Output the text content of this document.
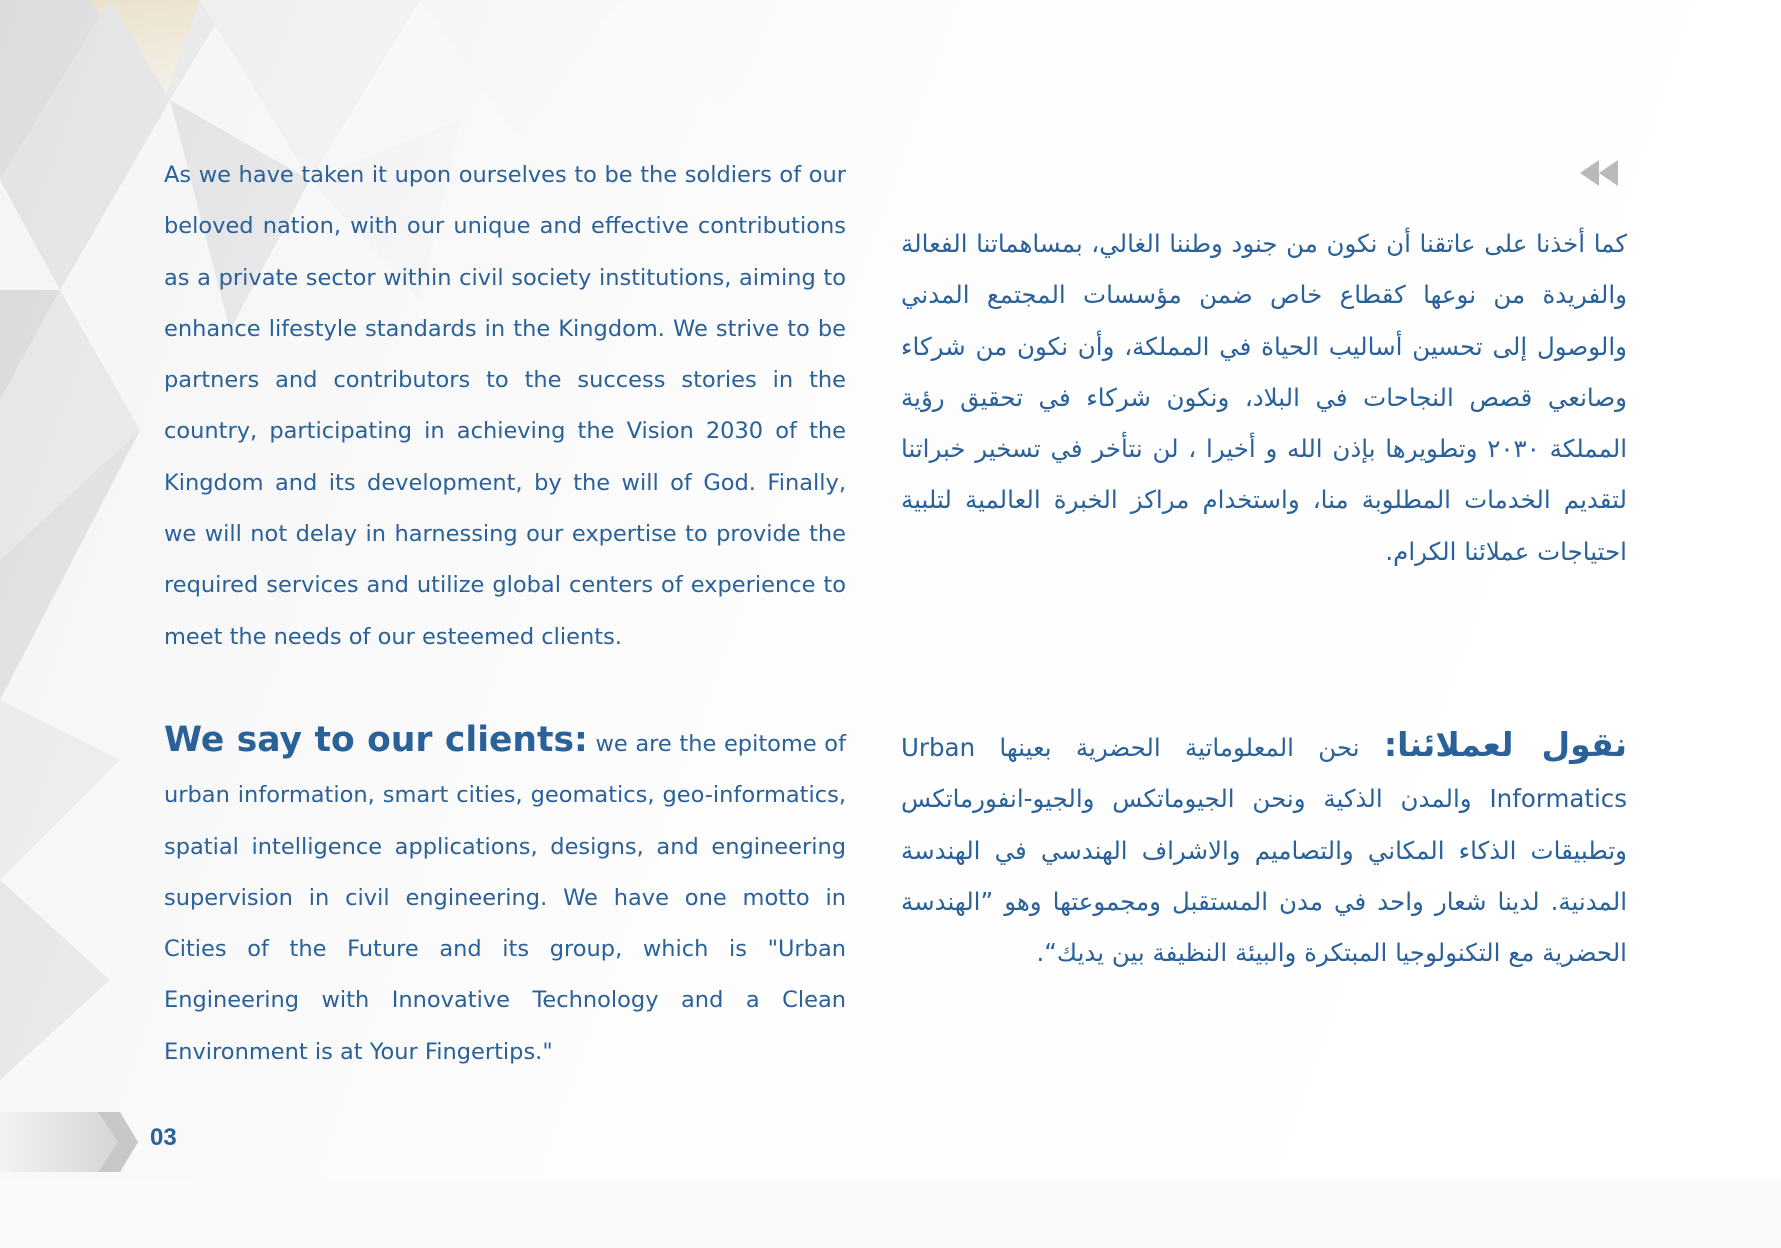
As we have taken it upon ourselves to be the soldiers of our beloved nation, with our unique and effective contributions as a private sector within civil society institutions, aiming to enhance lifestyle standards in the Kingdom. We strive to be partners and contributors to the success stories in the country, participating in achieving the Vision 2030 of the Kingdom and its development, by the will of God. Finally, we will not delay in harnessing our expertise to provide the required services and utilize global centers of experience to meet the needs of our esteemed clients.
We say to our clients: we are the epitome of urban information, smart cities, geomatics, geo-informatics, spatial intelligence applications, designs, and engineering supervision in civil engineering. We have one motto in Cities of the Future and its group, which is "Urban Engineering with Innovative Technology and a Clean Environment is at Your Fingertips."
كما أخذنا على عاتقنا أن نكون من جنود وطننا الغالي، بمساهماتنا الفعالة والفريدة من نوعها كقطاع خاص ضمن مؤسسات المجتمع المدني والوصول إلى تحسين أساليب الحياة في المملكة، وأن نكون من شركاء وصانعي قصص النجاحات في البلاد، ونكون شركاء في تحقيق رؤية المملكة ٢٠٣٠ وتطويرها بإذن الله و أخيرا ، لن نتأخر في تسخير خبراتنا لتقديم الخدمات المطلوبة منا، واستخدام مراكز الخبرة العالمية لتلبية احتياجات عملائنا الكرام.
نقول لعملائنا: نحن المعلوماتية الحضرية بعينها Urban Informatics والمدن الذكية ونحن الجيوماتكس والجيو-انفورماتكس وتطبيقات الذكاء المكاني والتصاميم والاشراف الهندسي في الهندسة المدنية. لدينا شعار واحد في مدن المستقبل ومجموعتها وهو ”الهندسة الحضرية مع التكنولوجيا المبتكرة والبيئة النظيفة بين يديك“.
03
